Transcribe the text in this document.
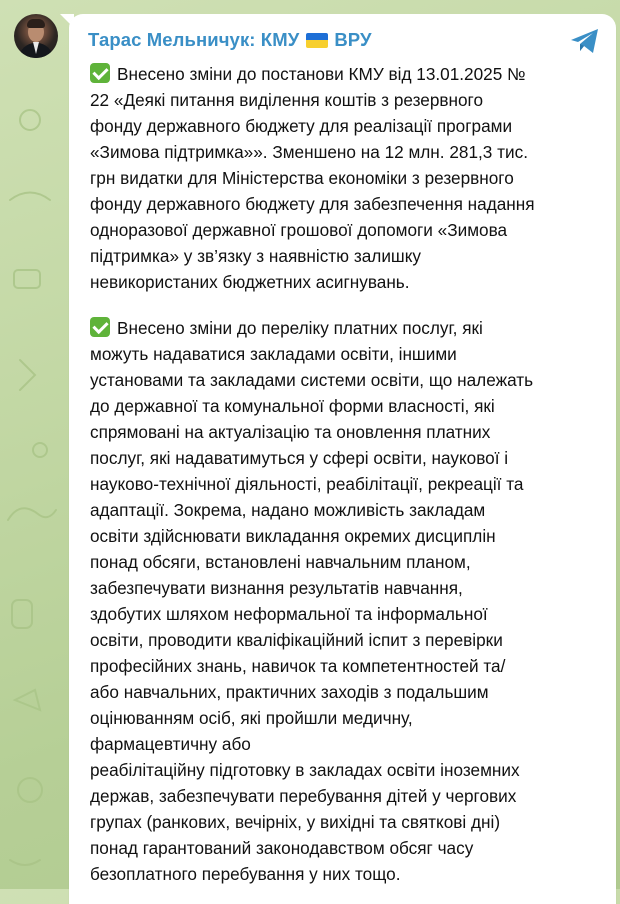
Тарас Мельничук: КМУ ВРУ
Внесено зміни до постанови КМУ від 13.01.2025 №
22 «Деякі питання виділення коштів з резервного
фонду державного бюджету для реалізації програми
«Зимова підтримка»». Зменшено на 12 млн. 281,3 тис.
грн видатки для Міністерства економіки з резервного
фонду державного бюджету для забезпечення надання
одноразової державної грошової допомоги «Зимова
підтримка» у зв’язку з наявністю залишку
невикористаних бюджетних асигнувань.
Внесено зміни до переліку платних послуг, які
можуть надаватися закладами освіти, іншими
установами та закладами системи освіти, що належать
до державної та комунальної форми власності, які
спрямовані на актуалізацію та оновлення платних
послуг, які надаватимуться у сфері освіти, наукової і
науково-технічної діяльності, реабілітації, рекреації та
адаптації. Зокрема, надано можливість закладам
освіти здійснювати викладання окремих дисциплін
понад обсяги, встановлені навчальним планом,
забезпечувати визнання результатів навчання,
здобутих шляхом неформальної та інформальної
освіти, проводити кваліфікаційний іспит з перевірки
професійних знань, навичок та компетентностей та/
або навчальних, практичних заходів з подальшим
оцінюванням осіб, які пройшли медичну,
фармацевтичну або
реабілітаційну підготовку в закладах освіти іноземних
держав, забезпечувати перебування дітей у чергових
групах (ранкових, вечірніх, у вихідні та святкові дні)
понад гарантований законодавством обсяг часу
безоплатного перебування у них тощо.
